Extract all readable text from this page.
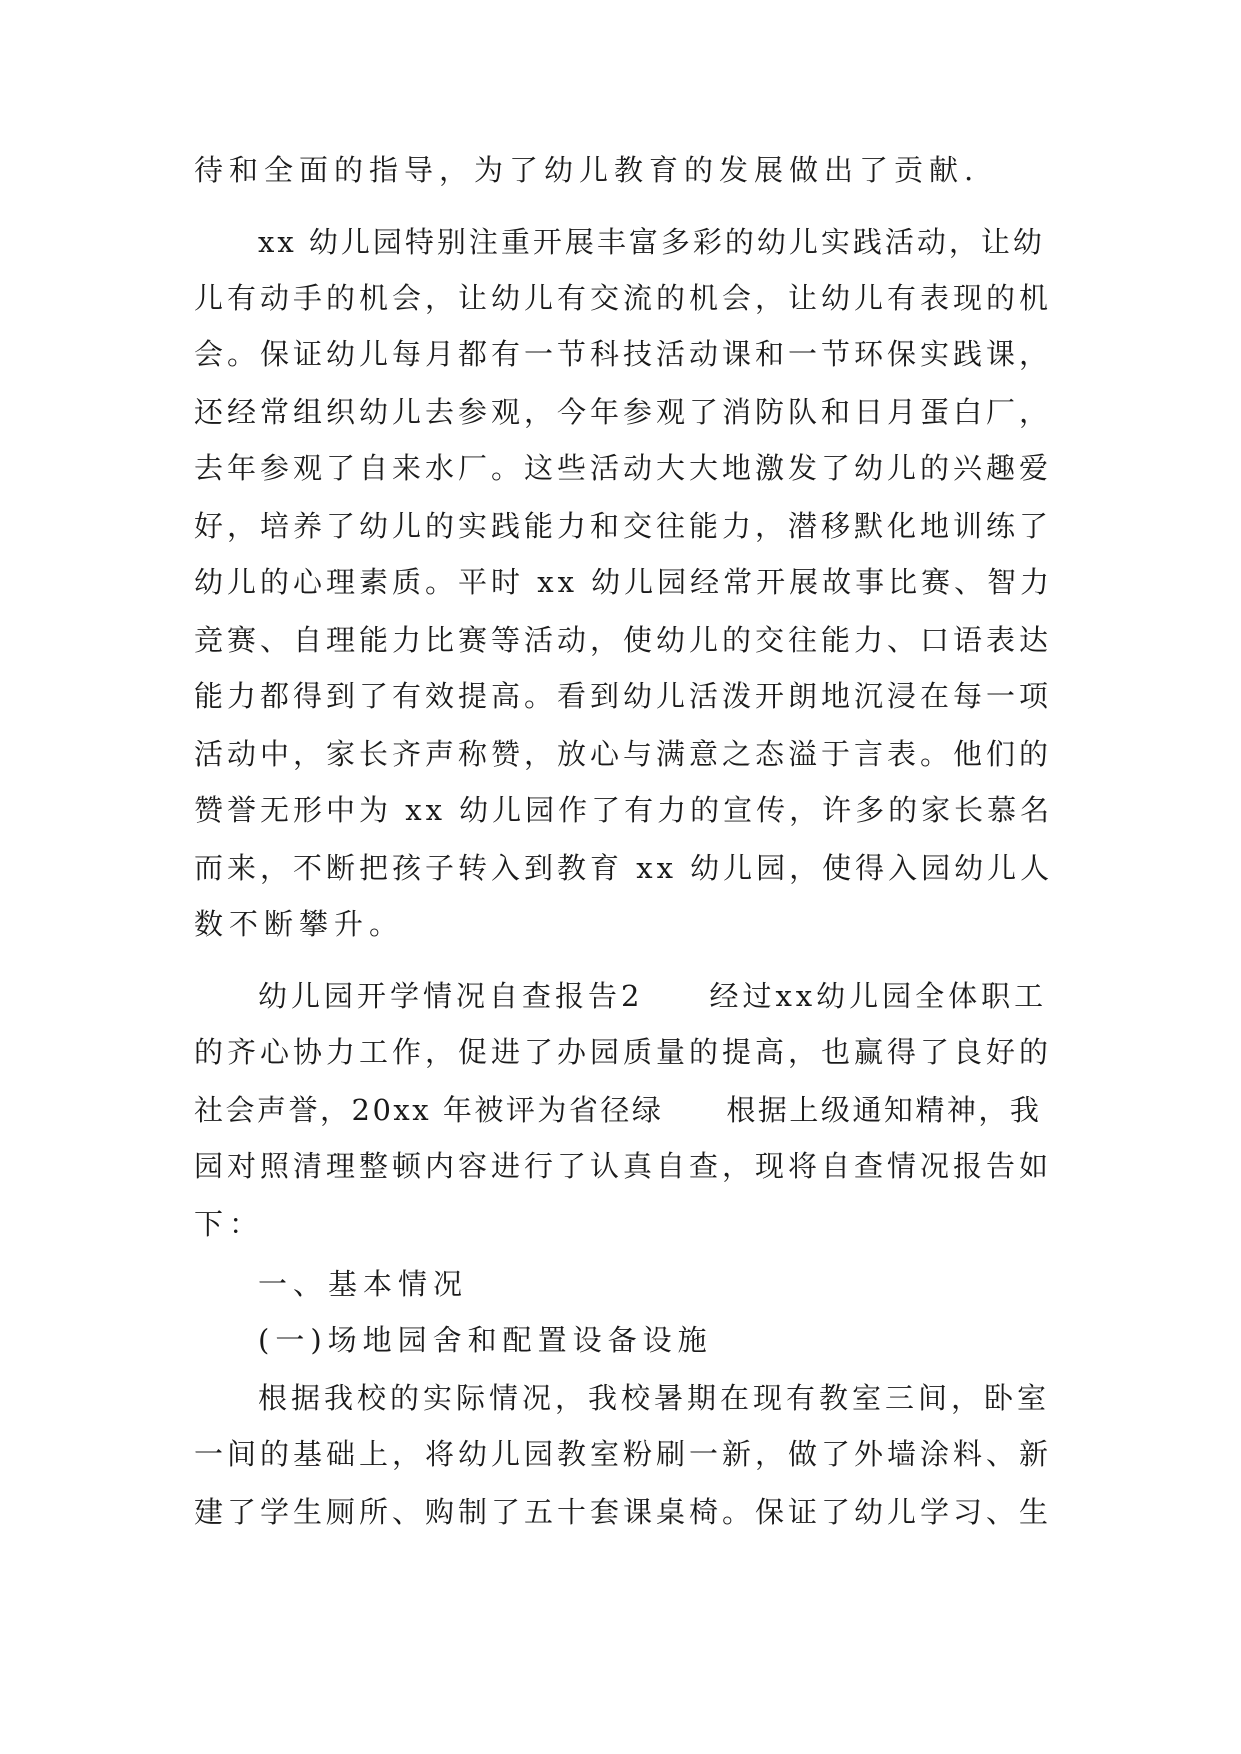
待和全面的指导，为了幼儿教育的发展做出了贡献.
xx 幼儿园特别注重开展丰富多彩的幼儿实践活动，让幼
儿有动手的机会，让幼儿有交流的机会，让幼儿有表现的机
会。保证幼儿每月都有一节科技活动课和一节环保实践课，
还经常组织幼儿去参观，今年参观了消防队和日月蛋白厂，
去年参观了自来水厂。这些活动大大地激发了幼儿的兴趣爱
好，培养了幼儿的实践能力和交往能力，潜移默化地训练了
幼儿的心理素质。平时 xx 幼儿园经常开展故事比赛、智力
竞赛、自理能力比赛等活动，使幼儿的交往能力、口语表达
能力都得到了有效提高。看到幼儿活泼开朗地沉浸在每一项
活动中，家长齐声称赞，放心与满意之态溢于言表。他们的
赞誉无形中为 xx 幼儿园作了有力的宣传，许多的家长慕名
而来，不断把孩子转入到教育 xx 幼儿园，使得入园幼儿人
数不断攀升。
幼儿园开学情况自查报告2　　经过xx幼儿园全体职工
的齐心协力工作，促进了办园质量的提高，也赢得了良好的
社会声誉，20xx 年被评为省径绿　　根据上级通知精神，我
园对照清理整顿内容进行了认真自查，现将自查情况报告如
下：
一、基本情况
(一)场地园舍和配置设备设施
根据我校的实际情况，我校暑期在现有教室三间，卧室
一间的基础上，将幼儿园教室粉刷一新，做了外墙涂料、新
建了学生厕所、购制了五十套课桌椅。保证了幼儿学习、生
